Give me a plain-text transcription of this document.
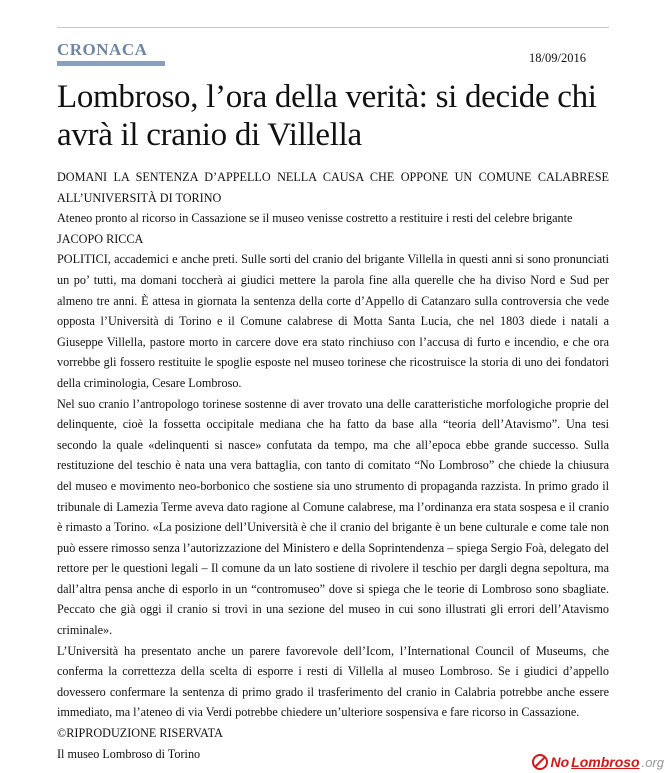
CRONACA	18/09/2016
Lombroso, l’ora della verità: si decide chi avrà il cranio di Villella

DOMANI LA SENTENZA D’APPELLO NELLA CAUSA CHE OPPONE UN COMUNE CALABRESE ALL’UNIVERSITÀ DI TORINO

Ateneo pronto al ricorso in Cassazione se il museo venisse costretto a restituire i resti del celebre brigante

JACOPO RICCA

POLITICI, accademici e anche preti. Sulle sorti del cranio del brigante Villella in questi anni si sono pronunciati un po’ tutti, ma domani toccherà ai giudici mettere la parola fine alla querelle che ha diviso Nord e Sud per almeno tre anni. È attesa in giornata la sentenza della corte d’Appello di Catanzaro sulla controversia che vede opposta l’Università di Torino e il Comune calabrese di Motta Santa Lucia, che nel 1803 diede i natali a Giuseppe Villella, pastore morto in carcere dove era stato rinchiuso con l’accusa di furto e incendio, e che ora vorrebbe gli fossero restituite le spoglie esposte nel museo torinese che ricostruisce la storia di uno dei fondatori della criminologia, Cesare Lombroso.

Nel suo cranio l’antropologo torinese sostenne di aver trovato una delle caratteristiche morfologiche proprie del delinquente, cioè la fossetta occipitale mediana che ha fatto da base alla “teoria dell’Atavismo”. Una tesi secondo la quale «delinquenti si nasce» confutata da tempo, ma che all’epoca ebbe grande successo. Sulla restituzione del teschio è nata una vera battaglia, con tanto di comitato “No Lombroso” che chiede la chiusura del museo e movimento neo-borbonico che sostiene sia uno strumento di propaganda razzista. In primo grado il tribunale di Lamezia Terme aveva dato ragione al Comune calabrese, ma l’ordinanza era stata sospesa e il cranio è rimasto a Torino. «La posizione dell’Università è che il cranio del brigante è un bene culturale e come tale non può essere rimosso senza l’autorizzazione del Ministero e della Soprintendenza – spiega Sergio Foà, delegato del rettore per le questioni legali – Il comune da un lato sostiene di rivolere il teschio per dargli degna sepoltura, ma dall’altra pensa anche di esporlo in un “contromuseo” dove si spiega che le teorie di Lombroso sono sbagliate. Peccato che già oggi il cranio si trovi in una sezione del museo in cui sono illustrati gli errori dell’Atavismo criminale».

L’Università ha presentato anche un parere favorevole dell’Icom, l’International Council of Museums, che conferma la correttezza della scelta di esporre i resti di Villella al museo Lombroso. Se i giudici d’appello dovessero confermare la sentenza di primo grado il trasferimento del cranio in Calabria potrebbe anche essere immediato, ma l’ateneo di via Verdi potrebbe chiedere un’ulteriore sospensiva e fare ricorso in Cassazione.

©RIPRODUZIONE RISERVATA

Il museo Lombroso di Torino

No Lombroso .org
